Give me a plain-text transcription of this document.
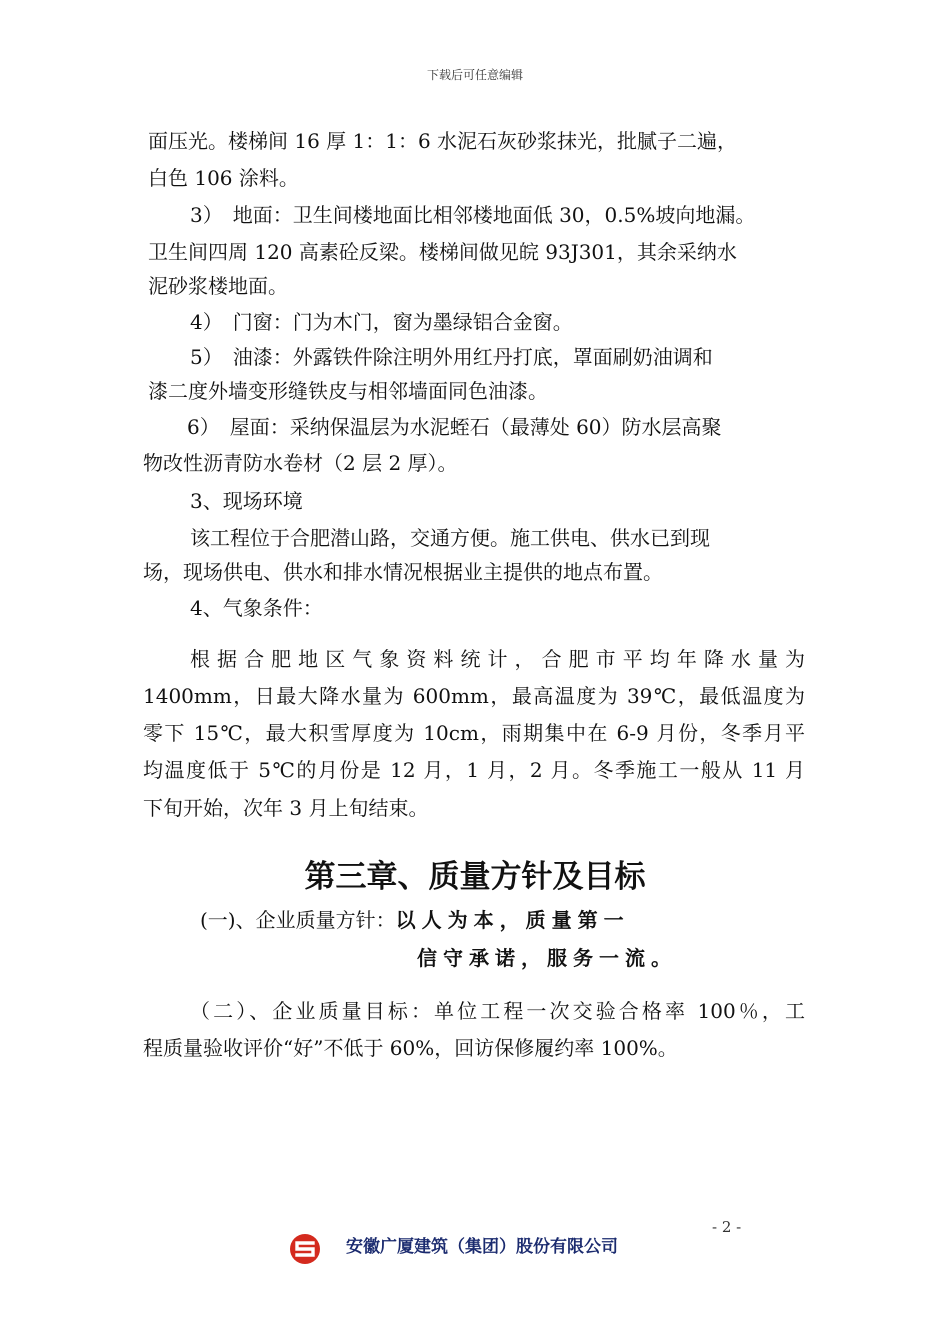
下载后可任意编辑
面压光。楼梯间 16 厚 1：1：6 水泥石灰砂浆抹光，批腻子二遍，
白色 106 涂料。
3）　地面：卫生间楼地面比相邻楼地面低 30，0.5%坡向地漏。
卫生间四周 120 高素砼反梁。楼梯间做见皖 93J301，其余采纳水
泥砂浆楼地面。
4）　门窗：门为木门，窗为墨绿铝合金窗。
5）　油漆：外露铁件除注明外用红丹打底，罩面刷奶油调和
漆二度外墙变形缝铁皮与相邻墙面同色油漆。
6）　屋面：采纳保温层为水泥蛭石（最薄处 60）防水层高聚
物改性沥青防水卷材（2 层 2 厚）。
3、现场环境
该工程位于合肥潜山路，交通方便。施工供电、供水已到现
场，现场供电、供水和排水情况根据业主提供的地点布置。
4、气象条件：
根据合肥地区气象资料统计，合肥市平均年降水量为
1400mm，日最大降水量为 600mm，最高温度为 39℃，最低温度为
零下 15℃，最大积雪厚度为 10cm，雨期集中在 6-9 月份，冬季月平
均温度低于 5℃的月份是 12 月，1 月，2 月。冬季施工一般从 11 月
下旬开始，次年 3 月上旬结束。
第三章、质量方针及目标
(一)、企业质量方针：以人为本，质量第一
信守承诺，服务一流。
（二）、企业质量目标：单位工程一次交验合格率 100％，工
程质量验收评价“好”不低于 60%，回访保修履约率 100%。
- 2 -
安徽广厦建筑（集团）股份有限公司
